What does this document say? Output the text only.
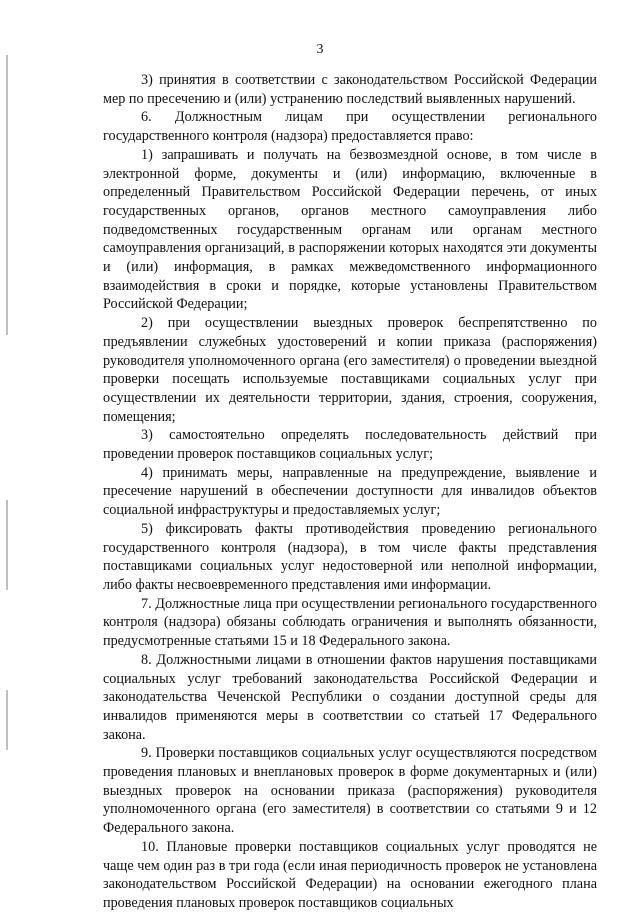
3

3) принятия в соответствии с законодательством Российской Федерации мер по пресечению и (или) устранению последствий выявленных нарушений.

6. Должностным лицам при осуществлении регионального государственного контроля (надзора) предоставляется право:

1) запрашивать и получать на безвозмездной основе, в том числе в электронной форме, документы и (или) информацию, включенные в определенный Правительством Российской Федерации перечень, от иных государственных органов, органов местного самоуправления либо подведомственных государственным органам или органам местного самоуправления организаций, в распоряжении которых находятся эти документы и (или) информация, в рамках межведомственного информационного взаимодействия в сроки и порядке, которые установлены Правительством Российской Федерации;

2) при осуществлении выездных проверок беспрепятственно по предъявлении служебных удостоверений и копии приказа (распоряжения) руководителя уполномоченного органа (его заместителя) о проведении выездной проверки посещать используемые поставщиками социальных услуг при осуществлении их деятельности территории, здания, строения, сооружения, помещения;

3) самостоятельно определять последовательность действий при проведении проверок поставщиков социальных услуг;

4) принимать меры, направленные на предупреждение, выявление и пресечение нарушений в обеспечении доступности для инвалидов объектов социальной инфраструктуры и предоставляемых услуг;

5) фиксировать факты противодействия проведению регионального государственного контроля (надзора), в том числе факты представления поставщиками социальных услуг недостоверной или неполной информации, либо факты несвоевременного представления ими информации.

7. Должностные лица при осуществлении регионального государственного контроля (надзора) обязаны соблюдать ограничения и выполнять обязанности, предусмотренные статьями 15 и 18 Федерального закона.

8. Должностными лицами в отношении фактов нарушения поставщиками социальных услуг требований законодательства Российской Федерации и законодательства Чеченской Республики о создании доступной среды для инвалидов применяются меры в соответствии со статьей 17 Федерального закона.

9. Проверки поставщиков социальных услуг осуществляются посредством проведения плановых и внеплановых проверок в форме документарных и (или) выездных проверок на основании приказа (распоряжения) руководителя уполномоченного органа (его заместителя) в соответствии со статьями 9 и 12 Федерального закона.

10. Плановые проверки поставщиков социальных услуг проводятся не чаще чем один раз в три года (если иная периодичность проверок не установлена законодательством Российской Федерации) на основании ежегодного плана проведения плановых проверок поставщиков социальных
